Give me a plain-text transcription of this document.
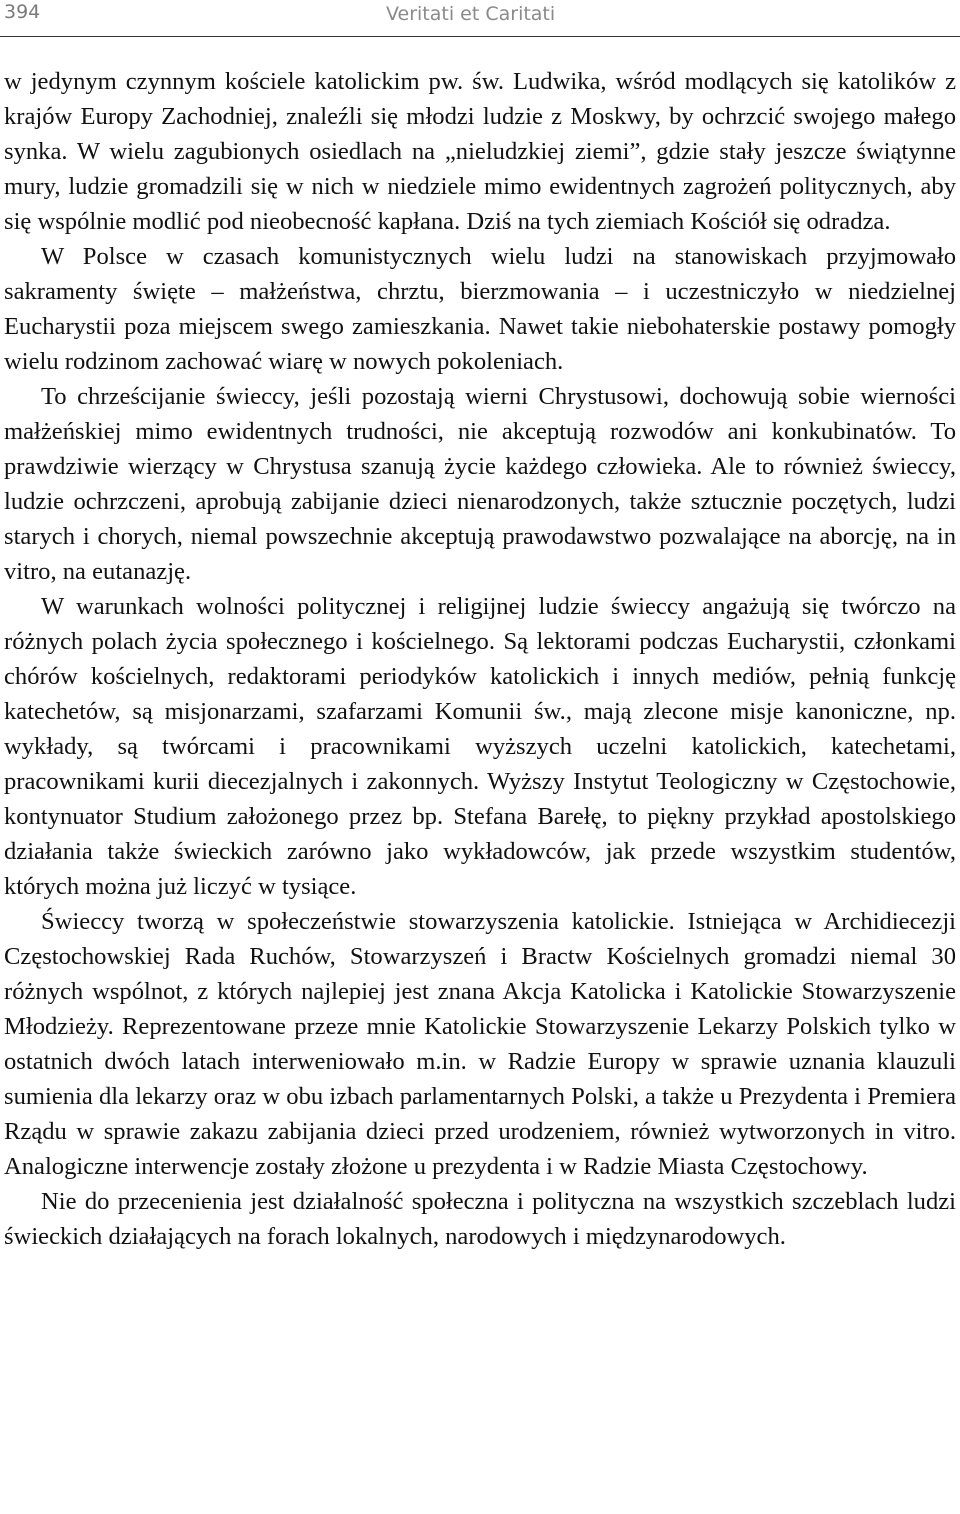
394	Veritati et Caritati

w jedynym czynnym kościele katolickim pw. św. Ludwika, wśród modlących się katolików z krajów Europy Zachodniej, znaleźli się młodzi ludzie z Moskwy, by ochrzcić swojego małego synka. W wielu zagubionych osiedlach na „nieludzkiej ziemi”, gdzie stały jeszcze świątynne mury, ludzie gromadzili się w nich w niedziele mimo ewidentnych zagrożeń politycznych, aby się wspólnie modlić pod nieobecność kapłana. Dziś na tych ziemiach Kościół się odradza.

W Polsce w czasach komunistycznych wielu ludzi na stanowiskach przyjmowało sakramenty święte – małżeństwa, chrztu, bierzmowania – i uczestniczyło w niedzielnej Eucharystii poza miejscem swego zamieszkania. Nawet takie niebohaterskie postawy pomogły wielu rodzinom zachować wiarę w nowych pokoleniach.

To chrześcijanie świeccy, jeśli pozostają wierni Chrystusowi, dochowują sobie wierności małżeńskiej mimo ewidentnych trudności, nie akceptują rozwodów ani konkubinatów. To prawdziwie wierzący w Chrystusa szanują życie każdego człowieka. Ale to również świeccy, ludzie ochrzczeni, aprobują zabijanie dzieci nienarodzonych, także sztucznie poczętych, ludzi starych i chorych, niemal powszechnie akceptują prawodawstwo pozwalające na aborcję, na in vitro, na eutanazję.

W warunkach wolności politycznej i religijnej ludzie świeccy angażują się twórczo na różnych polach życia społecznego i kościelnego. Są lektorami podczas Eucharystii, członkami chórów kościelnych, redaktorami periodyków katolickich i innych mediów, pełnią funkcję katechetów, są misjonarzami, szafarzami Komunii św., mają zlecone misje kanoniczne, np. wykłady, są twórcami i pracownikami wyższych uczelni katolickich, katechetami, pracownikami kurii diecezjalnych i zakonnych. Wyższy Instytut Teologiczny w Częstochowie, kontynuator Studium założonego przez bp. Stefana Barełę, to piękny przykład apostolskiego działania także świeckich zarówno jako wykładowców, jak przede wszystkim studentów, których można już liczyć w tysiące.

Świeccy tworzą w społeczeństwie stowarzyszenia katolickie. Istniejąca w Archidiecezji Częstochowskiej Rada Ruchów, Stowarzyszeń i Bractw Kościelnych gromadzi niemal 30 różnych wspólnot, z których najlepiej jest znana Akcja Katolicka i Katolickie Stowarzyszenie Młodzieży. Reprezentowane przeze mnie Katolickie Stowarzyszenie Lekarzy Polskich tylko w ostatnich dwóch latach interweniowało m.in. w Radzie Europy w sprawie uznania klauzuli sumienia dla lekarzy oraz w obu izbach parlamentarnych Polski, a także u Prezydenta i Premiera Rządu w sprawie zakazu zabijania dzieci przed urodzeniem, również wytworzonych in vitro. Analogiczne interwencje zostały złożone u prezydenta i w Radzie Miasta Częstochowy.

Nie do przecenienia jest działalność społeczna i polityczna na wszystkich szczeblach ludzi świeckich działających na forach lokalnych, narodowych i międzynarodowych.
